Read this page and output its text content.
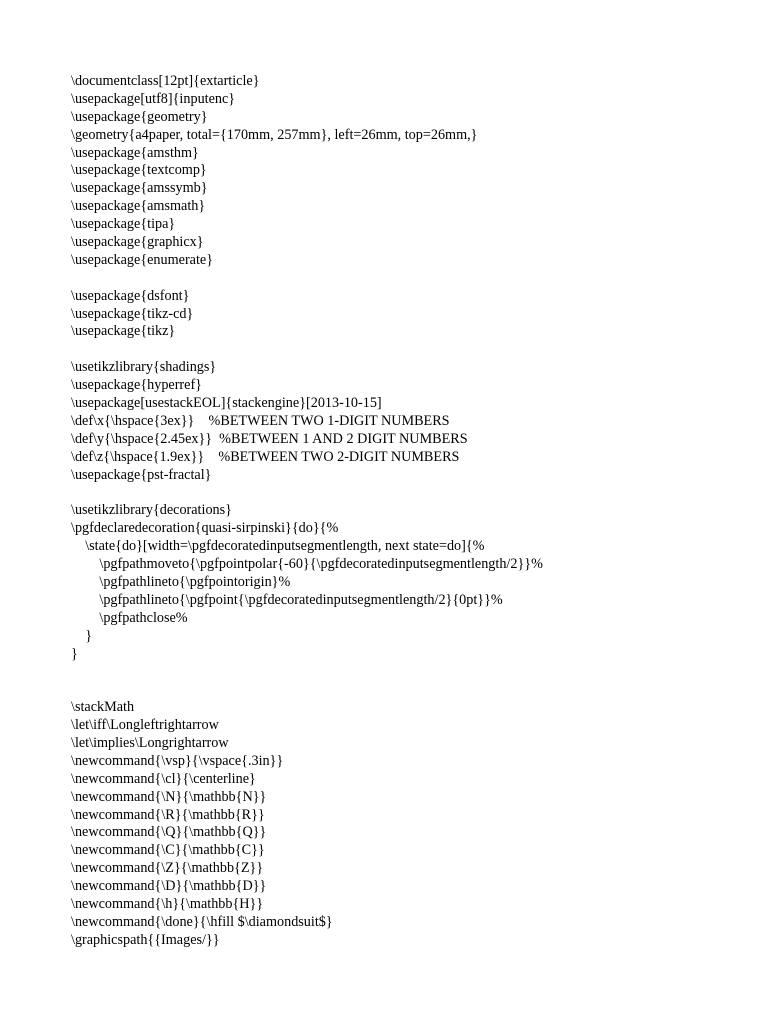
\documentclass[12pt]{extarticle}
\usepackage[utf8]{inputenc}
\usepackage{geometry}
\geometry{a4paper, total={170mm, 257mm}, left=26mm, top=26mm,}
\usepackage{amsthm}
\usepackage{textcomp}
\usepackage{amssymb}
\usepackage{amsmath}
\usepackage{tipa}
\usepackage{graphicx}
\usepackage{enumerate}
\usepackage{dsfont}
\usepackage{tikz-cd}
\usepackage{tikz}
\usetikzlibrary{shadings}
\usepackage{hyperref}
\usepackage[usestackEOL]{stackengine}[2013-10-15]
\def\x{\hspace{3ex}}    %BETWEEN TWO 1-DIGIT NUMBERS
\def\y{\hspace{2.45ex}}  %BETWEEN 1 AND 2 DIGIT NUMBERS
\def\z{\hspace{1.9ex}}    %BETWEEN TWO 2-DIGIT NUMBERS
\usepackage{pst-fractal}
\usetikzlibrary{decorations}
\pgfdeclaredecoration{quasi-sirpinski}{do}{%
\state{do}[width=\pgfdecoratedinputsegmentlength, next state=do]{%
\pgfpathmoveto{\pgfpointpolar{-60}{\pgfdecoratedinputsegmentlength/2}}%
\pgfpathlineto{\pgfpointorigin}%
\pgfpathlineto{\pgfpoint{\pgfdecoratedinputsegmentlength/2}{0pt}}%
\pgfpathclose%
}
}
\stackMath
\let\iff\Longleftrightarrow
\let\implies\Longrightarrow
\newcommand{\vsp}{\vspace{.3in}}
\newcommand{\cl}{\centerline}
\newcommand{\N}{\mathbb{N}}
\newcommand{\R}{\mathbb{R}}
\newcommand{\Q}{\mathbb{Q}}
\newcommand{\C}{\mathbb{C}}
\newcommand{\Z}{\mathbb{Z}}
\newcommand{\D}{\mathbb{D}}
\newcommand{\h}{\mathbb{H}}
\newcommand{\done}{\hfill $\diamondsuit$}
\graphicspath{{Images/}}
